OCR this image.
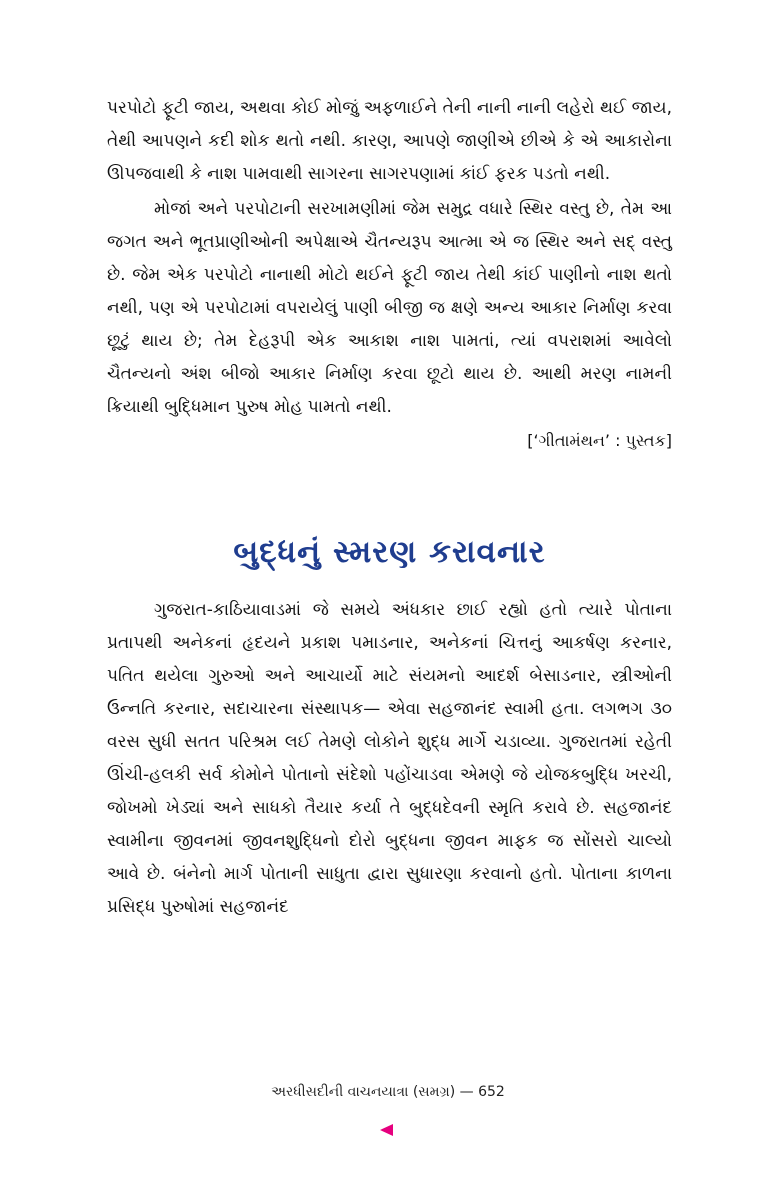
પરપોટો ફૂટી જાય, અથવા કોઈ મોજું અફળાઈને તેની નાની નાની લહેરો થઈ જાય, તેથી આપણને કદી શોક થતો નથી. કારણ, આપણે જાણીએ છીએ કે એ આકારોના ઊપજવાથી કે નાશ પામવાથી સાગરના સાગરપણામાં કાંઈ ફરક પડતો નથી.

મોજાં અને પરપોટાની સરખામણીમાં જેમ સમુદ્ર વધારે સ્થિર વસ્તુ છે, તેમ આ જગત અને ભૂતપ્રાણીઓની અપેક્ષાએ ચૈતન્યરૂપ આત્મા એ જ સ્થિર અને સદ્ વસ્તુ છે. જેમ એક પરપોટો નાનાથી મોટો થઈને ફૂટી જાય તેથી કાંઈ પાણીનો નાશ થતો નથી, પણ એ પરપોટામાં વપરાયેલું પાણી બીજી જ ક્ષણે અન્ય આકાર નિર્માણ કરવા છૂટું થાય છે; તેમ દેહરૂપી એક આકાશ નાશ પામતાં, ત્યાં વપરાશમાં આવેલો ચૈતન્યનો અંશ બીજો આકાર નિર્માણ કરવા છૂટો થાય છે. આથી મરણ નામની ક્રિયાથી બુદ્ધિમાન પુરુષ મોહ પામતો નથી.

[‘ગીતામંથન’ : પુસ્તક]

બુદ્ધનું સ્મરણ કરાવનાર

ગુજરાત-કાઠિયાવાડમાં જે સમયે અંધકાર છાઈ રહ્યો હતો ત્યારે પોતાના પ્રતાપથી અનેકનાં હૃદયને પ્રકાશ પમાડનાર, અનેકનાં ચિત્તનું આકર્ષણ કરનાર, પતિત થયેલા ગુરુઓ અને આચાર્યો માટે સંયમનો આદર્શ બેસાડનાર, સ્ત્રીઓની ઉન્નતિ કરનાર, સદાચારના સંસ્થાપક— એવા સહજાનંદ સ્વામી હતા. લગભગ ૩૦ વરસ સુધી સતત પરિશ્રમ લઈ તેમણે લોકોને શુદ્ધ માર્ગે ચડાવ્યા. ગુજરાતમાં રહેતી ઊંચી-હલકી સર્વ કોમોને પોતાનો સંદેશો પહોંચાડવા એમણે જે યોજકબુદ્ધિ ખરચી, જોખમો ખેડ્યાં અને સાધકો તૈયાર કર્યા તે બુદ્ધદેવની સ્મૃતિ કરાવે છે. સહજાનંદ સ્વામીના જીવનમાં જીવનશુદ્ધિનો દોરો બુદ્ધના જીવન માફક જ સોંસરો ચાલ્યો આવે છે. બંનેનો માર્ગ પોતાની સાધુતા દ્વારા સુધારણા કરવાનો હતો. પોતાના કાળના પ્રસિદ્ધ પુરુષોમાં સહજાનંદ

અરધીસદીની વાચનયાત્રા (સમગ્ર) — 652
